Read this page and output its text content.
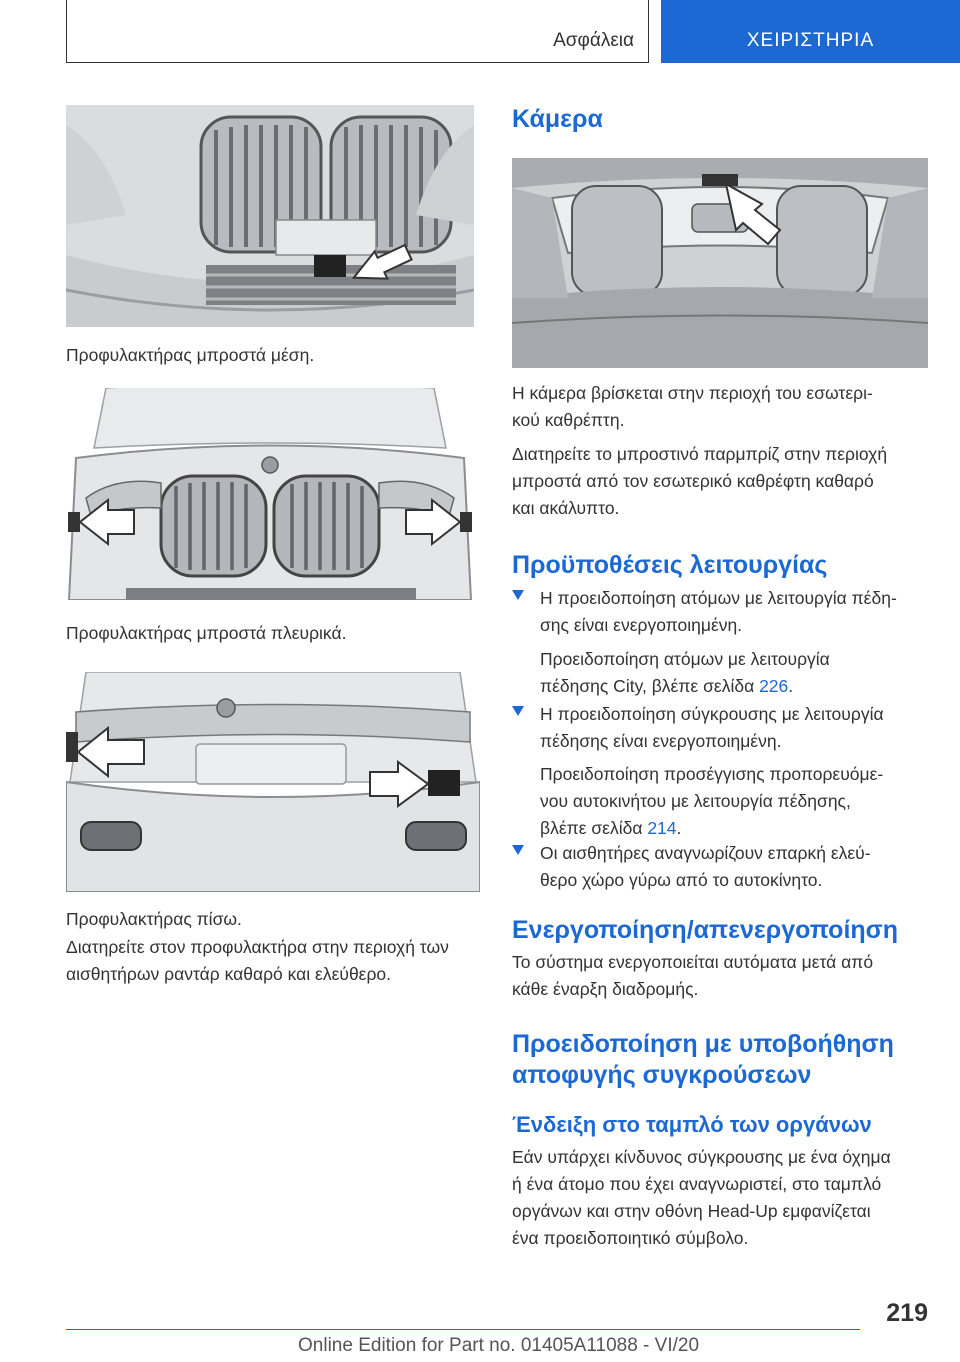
Ασφάλεια	ΧΕΙΡΙΣΤΗΡΙΑ

Προφυλακτήρας μπροστά μέση.

Προφυλακτήρας μπροστά πλευρικά.

Προφυλακτήρας πίσω.

Διατηρείτε στον προφυλακτήρα στην περιοχή των

αισθητήρων ραντάρ καθαρό και ελεύθερο.

Κάμερα

Η κάμερα βρίσκεται στην περιοχή του εσωτερι-

κού καθρέπτη.

Διατηρείτε το μπροστινό παρμπρίζ στην περιοχή

μπροστά από τον εσωτερικό καθρέφτη καθαρό

και ακάλυπτο.

Προϋποθέσεις λειτουργίας
Η προειδοποίηση ατόμων με λειτουργία πέδη-
σης είναι ενεργοποιημένη.
Προειδοποίηση ατόμων με λειτουργία
πέδησης City, βλέπε σελίδα 226.
Η προειδοποίηση σύγκρουσης με λειτουργία
πέδησης είναι ενεργοποιημένη.
Προειδοποίηση προσέγγισης προπορευόμε-
νου αυτοκινήτου με λειτουργία πέδησης,
βλέπε σελίδα 214.
Οι αισθητήρες αναγνωρίζουν επαρκή ελεύ-
θερο χώρο γύρω από το αυτοκίνητο.
Ενεργοποίηση/απενεργοποίηση

Το σύστημα ενεργοποιείται αυτόματα μετά από

κάθε έναρξη διαδρομής.

Προειδοποίηση με υποβοήθηση
αποφυγής συγκρούσεων
Ένδειξη στο ταμπλό των οργάνων

Εάν υπάρχει κίνδυνος σύγκρουσης με ένα όχημα

ή ένα άτομο που έχει αναγνωριστεί, στο ταμπλό

οργάνων και στην οθόνη Head-Up εμφανίζεται

ένα προειδοποιητικό σύμβολο.

219
Online Edition for Part no. 01405A11088 - VI/20
